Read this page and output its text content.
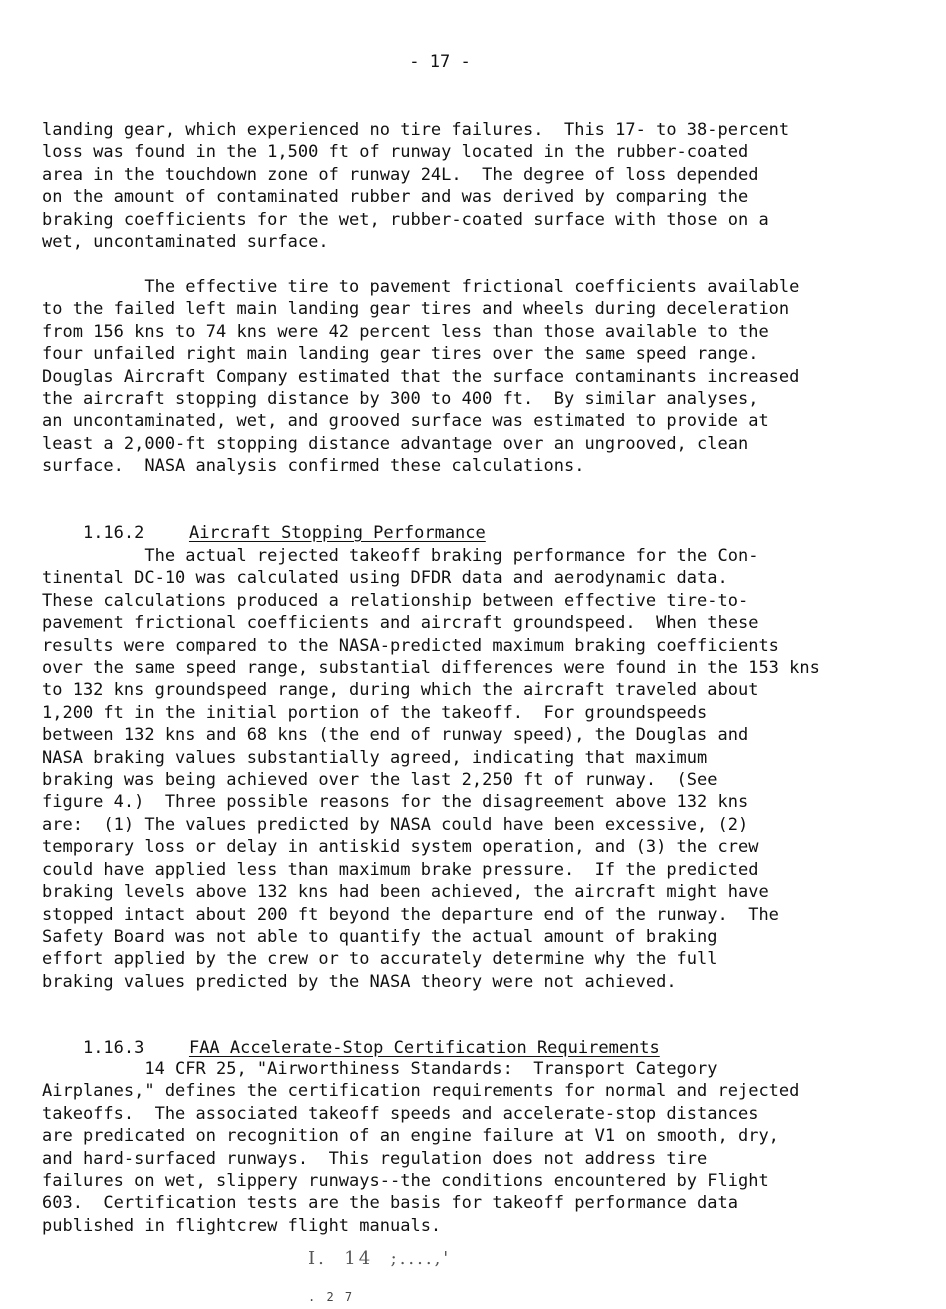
- 17 -

landing gear, which experienced no tire failures.  This 17- to 38-percent
loss was found in the 1,500 ft of runway located in the rubber-coated
area in the touchdown zone of runway 24L.  The degree of loss depended
on the amount of contaminated rubber and was derived by comparing the
braking coefficients for the wet, rubber-coated surface with those on a
wet, uncontaminated surface.

The effective tire to pavement frictional coefficients available
to the failed left main landing gear tires and wheels during deceleration
from 156 kns to 74 kns were 42 percent less than those available to the
four unfailed right main landing gear tires over the same speed range.
Douglas Aircraft Company estimated that the surface contaminants increased
the aircraft stopping distance by 300 to 400 ft.  By similar analyses,
an uncontaminated, wet, and grooved surface was estimated to provide at
least a 2,000-ft stopping distance advantage over an ungrooved, clean
surface.  NASA analysis confirmed these calculations.

1.16.2	Aircraft Stopping Performance

The actual rejected takeoff braking performance for the Con-
tinental DC-10 was calculated using DFDR data and aerodynamic data.
These calculations produced a relationship between effective tire-to-
pavement frictional coefficients and aircraft groundspeed.  When these
results were compared to the NASA-predicted maximum braking coefficients
over the same speed range, substantial differences were found in the 153 kns
to 132 kns groundspeed range, during which the aircraft traveled about
1,200 ft in the initial portion of the takeoff.  For groundspeeds
between 132 kns and 68 kns (the end of runway speed), the Douglas and
NASA braking values substantially agreed, indicating that maximum
braking was being achieved over the last 2,250 ft of runway.  (See
figure 4.)  Three possible reasons for the disagreement above 132 kns
are:  (1) The values predicted by NASA could have been excessive, (2)
temporary loss or delay in antiskid system operation, and (3) the crew
could have applied less than maximum brake pressure.  If the predicted
braking levels above 132 kns had been achieved, the aircraft might have
stopped intact about 200 ft beyond the departure end of the runway.  The
Safety Board was not able to quantify the actual amount of braking
effort applied by the crew or to accurately determine why the full
braking values predicted by the NASA theory were not achieved.

1.16.3	FAA Accelerate-Stop Certification Requirements

14 CFR 25, "Airworthiness Standards:  Transport Category
Airplanes," defines the certification requirements for normal and rejected
takeoffs.  The associated takeoff speeds and accelerate-stop distances
are predicated on recognition of an engine failure at V1 on smooth, dry,
and hard-surfaced runways.  This regulation does not address tire
failures on wet, slippery runways--the conditions encountered by Flight
603.  Certification tests are the basis for takeoff performance data
published in flightcrew flight manuals.

I.  14  ;....,'
. 2 7
